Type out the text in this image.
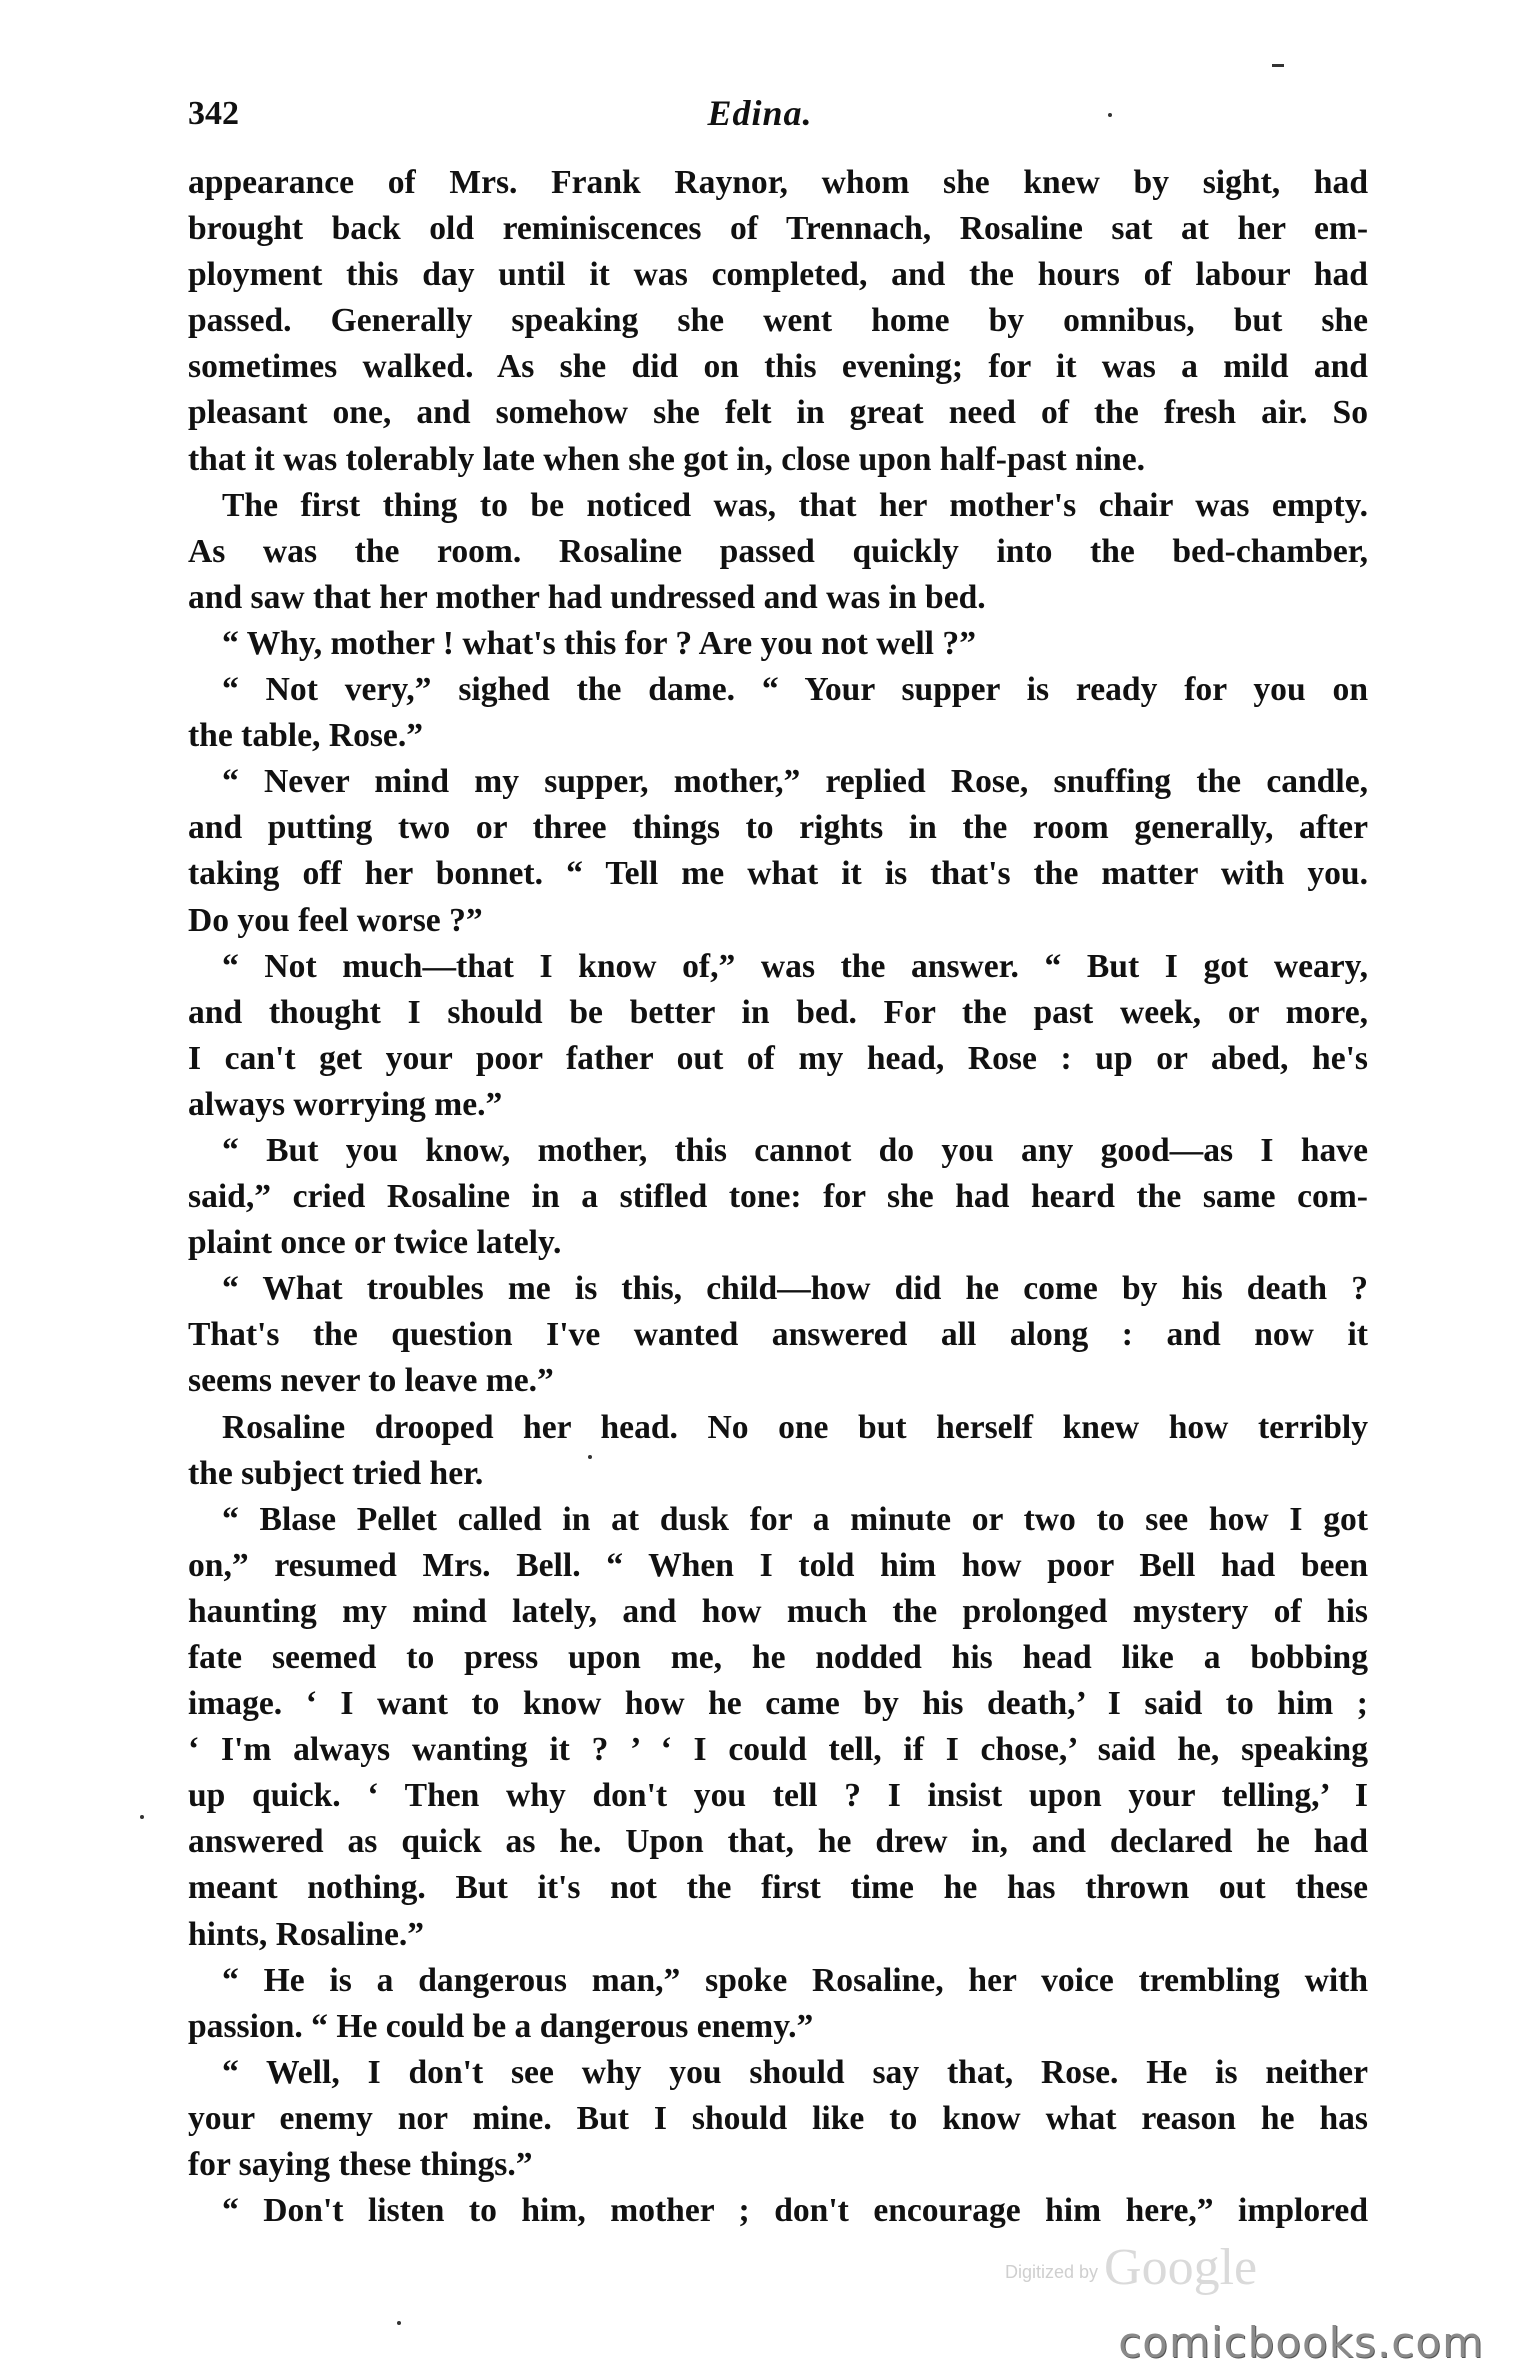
342	Edina.
appearance of Mrs. Frank Raynor, whom she knew by sight, had
brought back old reminiscences of Trennach, Rosaline sat at her em-
ployment this day until it was completed, and the hours of labour had
passed. Generally speaking she went home by omnibus, but she
sometimes walked. As she did on this evening; for it was a mild and
pleasant one, and somehow she felt in great need of the fresh air. So
that it was tolerably late when she got in, close upon half-past nine.
The first thing to be noticed was, that her mother's chair was empty.
As was the room. Rosaline passed quickly into the bed-chamber,
and saw that her mother had undressed and was in bed.
“ Why, mother ! what's this for ? Are you not well ?”
“ Not very,” sighed the dame. “ Your supper is ready for you on
the table, Rose.”
“ Never mind my supper, mother,” replied Rose, snuffing the candle,
and putting two or three things to rights in the room generally, after
taking off her bonnet. “ Tell me what it is that's the matter with you.
Do you feel worse ?”
“ Not much—that I know of,” was the answer. “ But I got weary,
and thought I should be better in bed. For the past week, or more,
I can't get your poor father out of my head, Rose : up or abed, he's
always worrying me.”
“ But you know, mother, this cannot do you any good—as I have
said,” cried Rosaline in a stifled tone: for she had heard the same com-
plaint once or twice lately.
“ What troubles me is this, child—how did he come by his death ?
That's the question I've wanted answered all along : and now it
seems never to leave me.”
Rosaline drooped her head. No one but herself knew how terribly
the subject tried her.
“ Blase Pellet called in at dusk for a minute or two to see how I got
on,” resumed Mrs. Bell. “ When I told him how poor Bell had been
haunting my mind lately, and how much the prolonged mystery of his
fate seemed to press upon me, he nodded his head like a bobbing
image. ‘ I want to know how he came by his death,’ I said to him ;
‘ I'm always wanting it ? ’ ‘ I could tell, if I chose,’ said he, speaking
up quick. ‘ Then why don't you tell ? I insist upon your telling,’ I
answered as quick as he. Upon that, he drew in, and declared he had
meant nothing. But it's not the first time he has thrown out these
hints, Rosaline.”
“ He is a dangerous man,” spoke Rosaline, her voice trembling with
passion. “ He could be a dangerous enemy.”
“ Well, I don't see why you should say that, Rose. He is neither
your enemy nor mine. But I should like to know what reason he has
for saying these things.”
“ Don't listen to him, mother ; don't encourage him here,” implored
Digitized by Google
comicbooks.com
